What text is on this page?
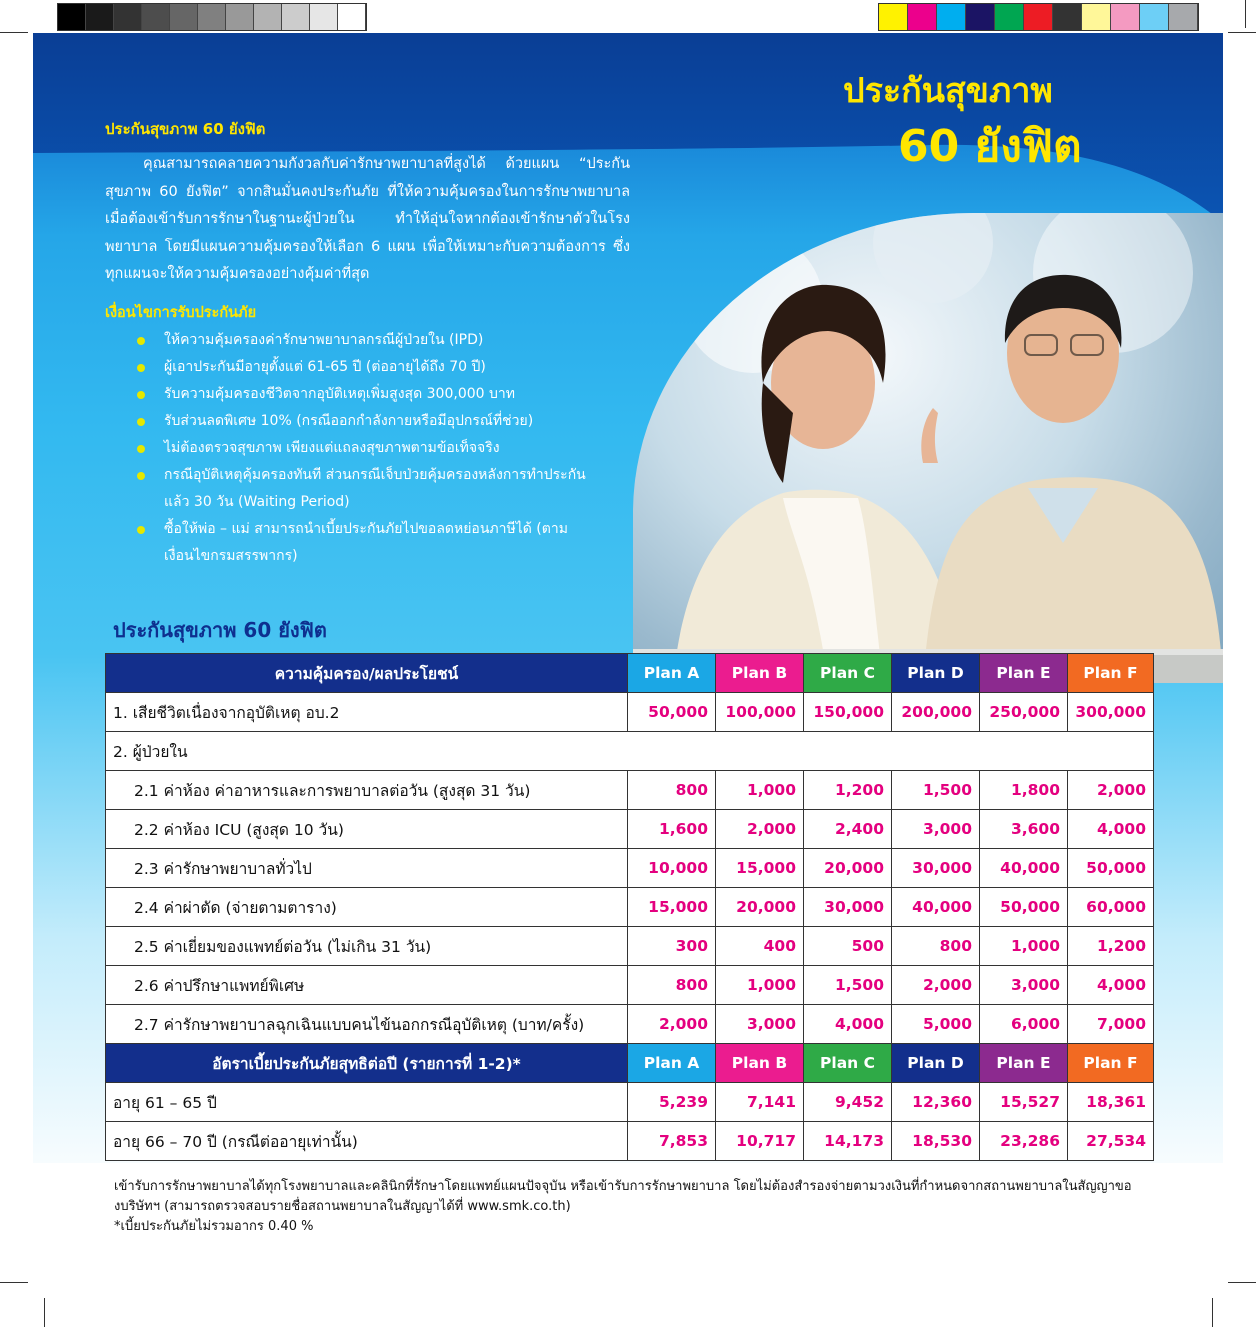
ประกันสุขภาพ
60 ยังฟิต
ประกันสุขภาพ 60 ยังฟิต
คุณสามารถคลายความกังวลกับค่ารักษาพยาบาลที่สูงได้ ด้วยแผน “ประกันสุขภาพ 60 ยังฟิต” จากสินมั่นคงประกันภัย ที่ให้ความคุ้มครองในการรักษาพยาบาลเมื่อต้องเข้ารับการรักษาในฐานะผู้ป่วยใน ทำให้อุ่นใจหากต้องเข้ารักษาตัวในโรงพยาบาล โดยมีแผนความคุ้มครองให้เลือก 6 แผน เพื่อให้เหมาะกับความต้องการ ซึ่งทุกแผนจะให้ความคุ้มครองอย่างคุ้มค่าที่สุด
เงื่อนไขการรับประกันภัย
ให้ความคุ้มครองค่ารักษาพยาบาลกรณีผู้ป่วยใน (IPD)
ผู้เอาประกันมีอายุตั้งแต่ 61-65 ปี (ต่ออายุได้ถึง 70 ปี)
รับความคุ้มครองชีวิตจากอุบัติเหตุเพิ่มสูงสุด 300,000 บาท
รับส่วนลดพิเศษ 10% (กรณีออกกำลังกายหรือมีอุปกรณ์ที่ช่วย)
ไม่ต้องตรวจสุขภาพ เพียงแต่แถลงสุขภาพตามข้อเท็จจริง
กรณีอุบัติเหตุคุ้มครองทันที ส่วนกรณีเจ็บป่วยคุ้มครองหลังการทำประกันแล้ว 30 วัน (Waiting Period)
ซื้อให้พ่อ – แม่ สามารถนำเบี้ยประกันภัยไปขอลดหย่อนภาษีได้ (ตามเงื่อนไขกรมสรรพากร)
ประกันสุขภาพ 60 ยังฟิต
ความคุ้มครอง/ผลประโยชน์	Plan A	Plan B	Plan C	Plan D	Plan E	Plan F
1. เสียชีวิตเนื่องจากอุบัติเหตุ อบ.2	50,000	100,000	150,000	200,000	250,000	300,000
2. ผู้ป่วยใน						
2.1 ค่าห้อง ค่าอาหารและการพยาบาลต่อวัน (สูงสุด 31 วัน)	800	1,000	1,200	1,500	1,800	2,000
2.2 ค่าห้อง ICU (สูงสุด 10 วัน)	1,600	2,000	2,400	3,000	3,600	4,000
2.3 ค่ารักษาพยาบาลทั่วไป	10,000	15,000	20,000	30,000	40,000	50,000
2.4 ค่าผ่าตัด (จ่ายตามตาราง)	15,000	20,000	30,000	40,000	50,000	60,000
2.5 ค่าเยี่ยมของแพทย์ต่อวัน (ไม่เกิน 31 วัน)	300	400	500	800	1,000	1,200
2.6 ค่าปรึกษาแพทย์พิเศษ	800	1,000	1,500	2,000	3,000	4,000
2.7 ค่ารักษาพยาบาลฉุกเฉินแบบคนไข้นอกกรณีอุบัติเหตุ (บาท/ครั้ง)	2,000	3,000	4,000	5,000	6,000	7,000
อัตราเบี้ยประกันภัยสุทธิต่อปี (รายการที่ 1-2)*	Plan A	Plan B	Plan C	Plan D	Plan E	Plan F
อายุ 61 – 65 ปี	5,239	7,141	9,452	12,360	15,527	18,361
อายุ 66 – 70 ปี (กรณีต่ออายุเท่านั้น)	7,853	10,717	14,173	18,530	23,286	27,534
เข้ารับการรักษาพยาบาลได้ทุกโรงพยาบาลและคลินิกที่รักษาโดยแพทย์แผนปัจจุบัน หรือเข้ารับการรักษาพยาบาล โดยไม่ต้องสำรองจ่ายตามวงเงินที่กำหนดจากสถานพยาบาลในสัญญาของบริษัทฯ (สามารถตรวจสอบรายชื่อสถานพยาบาลในสัญญาได้ที่ www.smk.co.th)
*เบี้ยประกันภัยไม่รวมอากร 0.40 %
